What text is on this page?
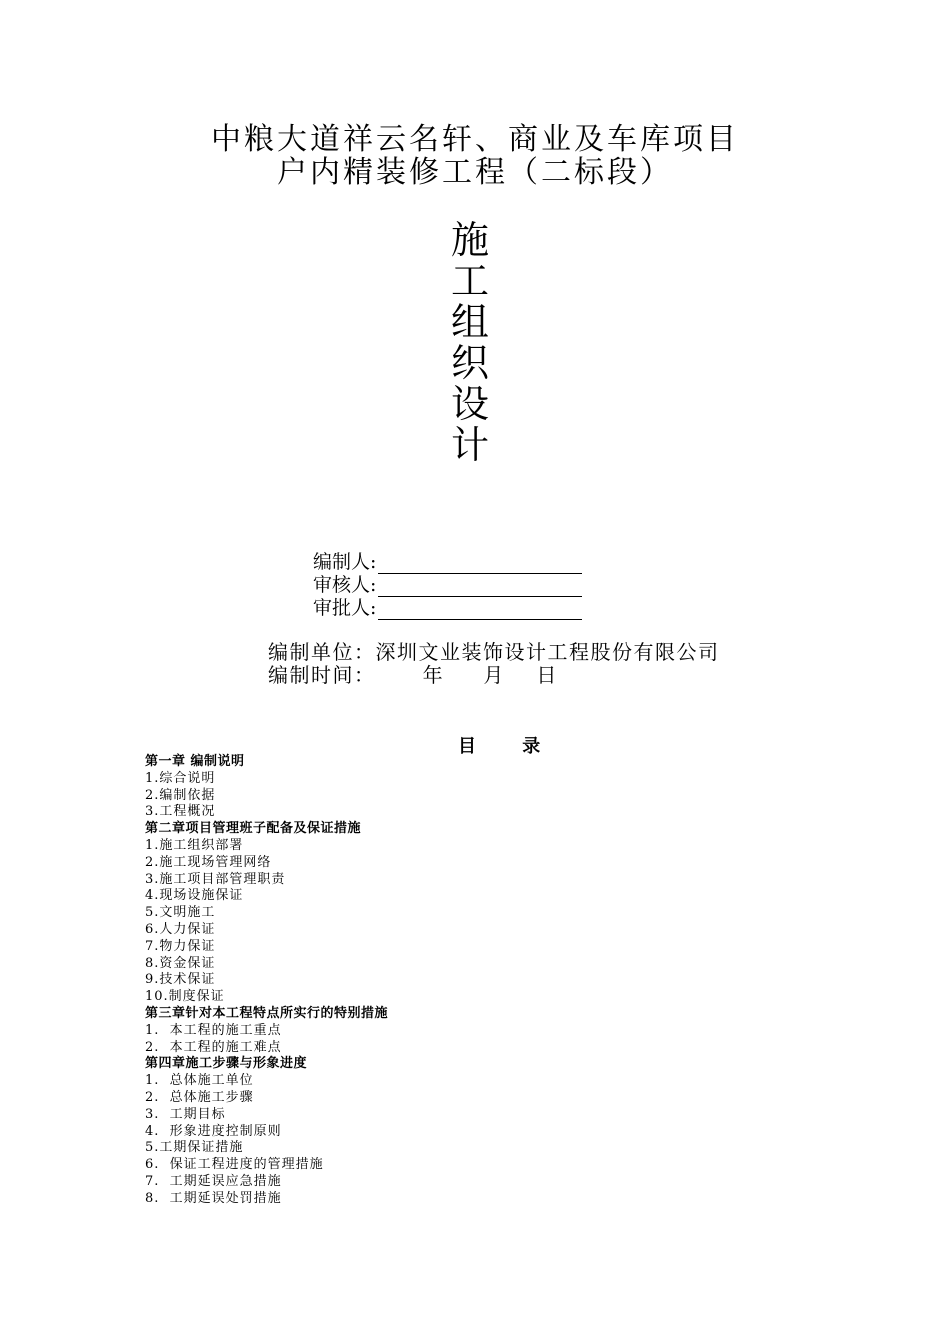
中粮大道祥云名轩、商业及车库项目
户内精装修工程（二标段）
施
工
组
织
设
计
编制人:
审核人:
审批人:
编制单位：深圳文业装饰设计工程股份有限公司
编制时间：      年     月    日
目 录
第一章 编制说明
1.综合说明
2.编制依据
3.工程概况
第二章项目管理班子配备及保证措施
1.施工组织部署
2.施工现场管理网络
3.施工项目部管理职责
4.现场设施保证
5.文明施工
6.人力保证
7.物力保证
8.资金保证
9.技术保证
10.制度保证
第三章针对本工程特点所实行的特别措施
1.  本工程的施工重点
2.  本工程的施工难点
第四章施工步骤与形象进度
1.  总体施工单位
2.  总体施工步骤
3.  工期目标
4.  形象进度控制原则
5.工期保证措施
6.  保证工程进度的管理措施
7.  工期延误应急措施
8.  工期延误处罚措施
